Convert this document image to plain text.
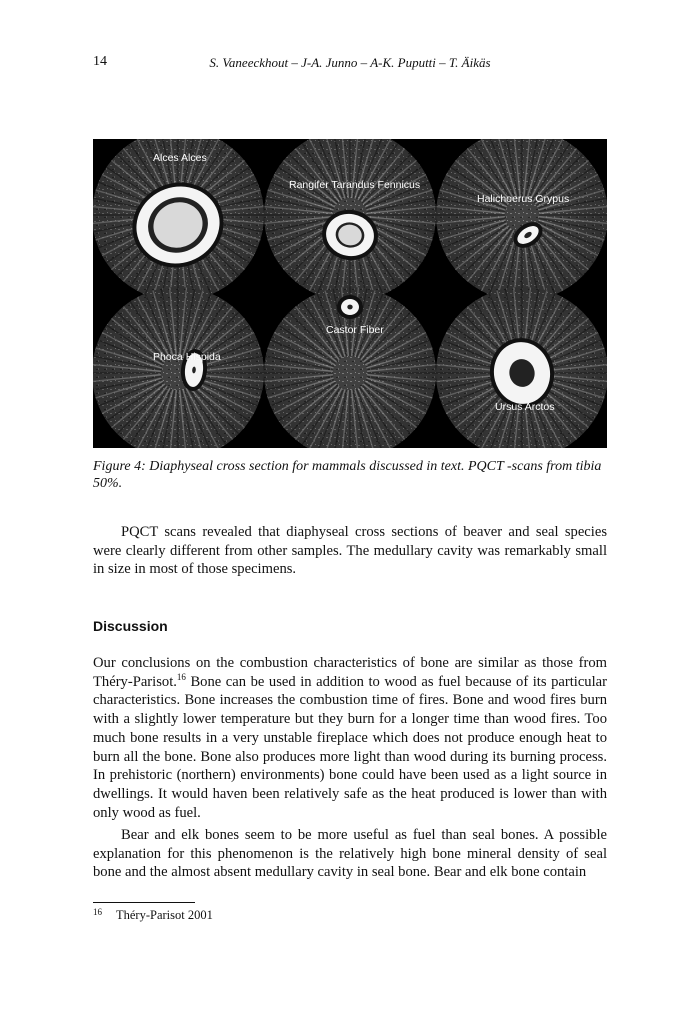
14	S. Vaneeckhout – J-A. Junno – A-K. Puputti – T. Äikäs
Alces Alces
Rangifer Tarandus Fennicus
Halichoerus Grypus
Phoca Hispida
Castor Fiber
Ursus Arctos
Figure 4: Diaphyseal cross section for mammals discussed in text. PQCT -scans from tibia 50%.

PQCT scans revealed that diaphyseal cross sections of beaver and seal species were clearly different from other samples. The medullary cavity was remarkably small in size in most of those specimens.

Discussion

Our conclusions on the combustion characteristics of bone are similar as those from Théry-Parisot.$^{16}$ Bone can be used in addition to wood as fuel because of its particular characteristics. Bone increases the combustion time of fires. Bone and wood fires burn with a slightly lower temperature but they burn for a longer time than wood fires. Too much bone results in a very unstable fireplace which does not produce enough heat to burn all the bone. Bone also produces more light than wood during its burning process. In prehistoric (northern) environments) bone could have been used as a light source in dwellings. It would haven been relatively safe as the heat produced is lower than with only wood as fuel.

Bear and elk bones seem to be more useful as fuel than seal bones. A possible explanation for this phenomenon is the relatively high bone mineral density of seal bone and the almost absent medullary cavity in seal bone. Bear and elk bone contain

16 Théry-Parisot 2001
